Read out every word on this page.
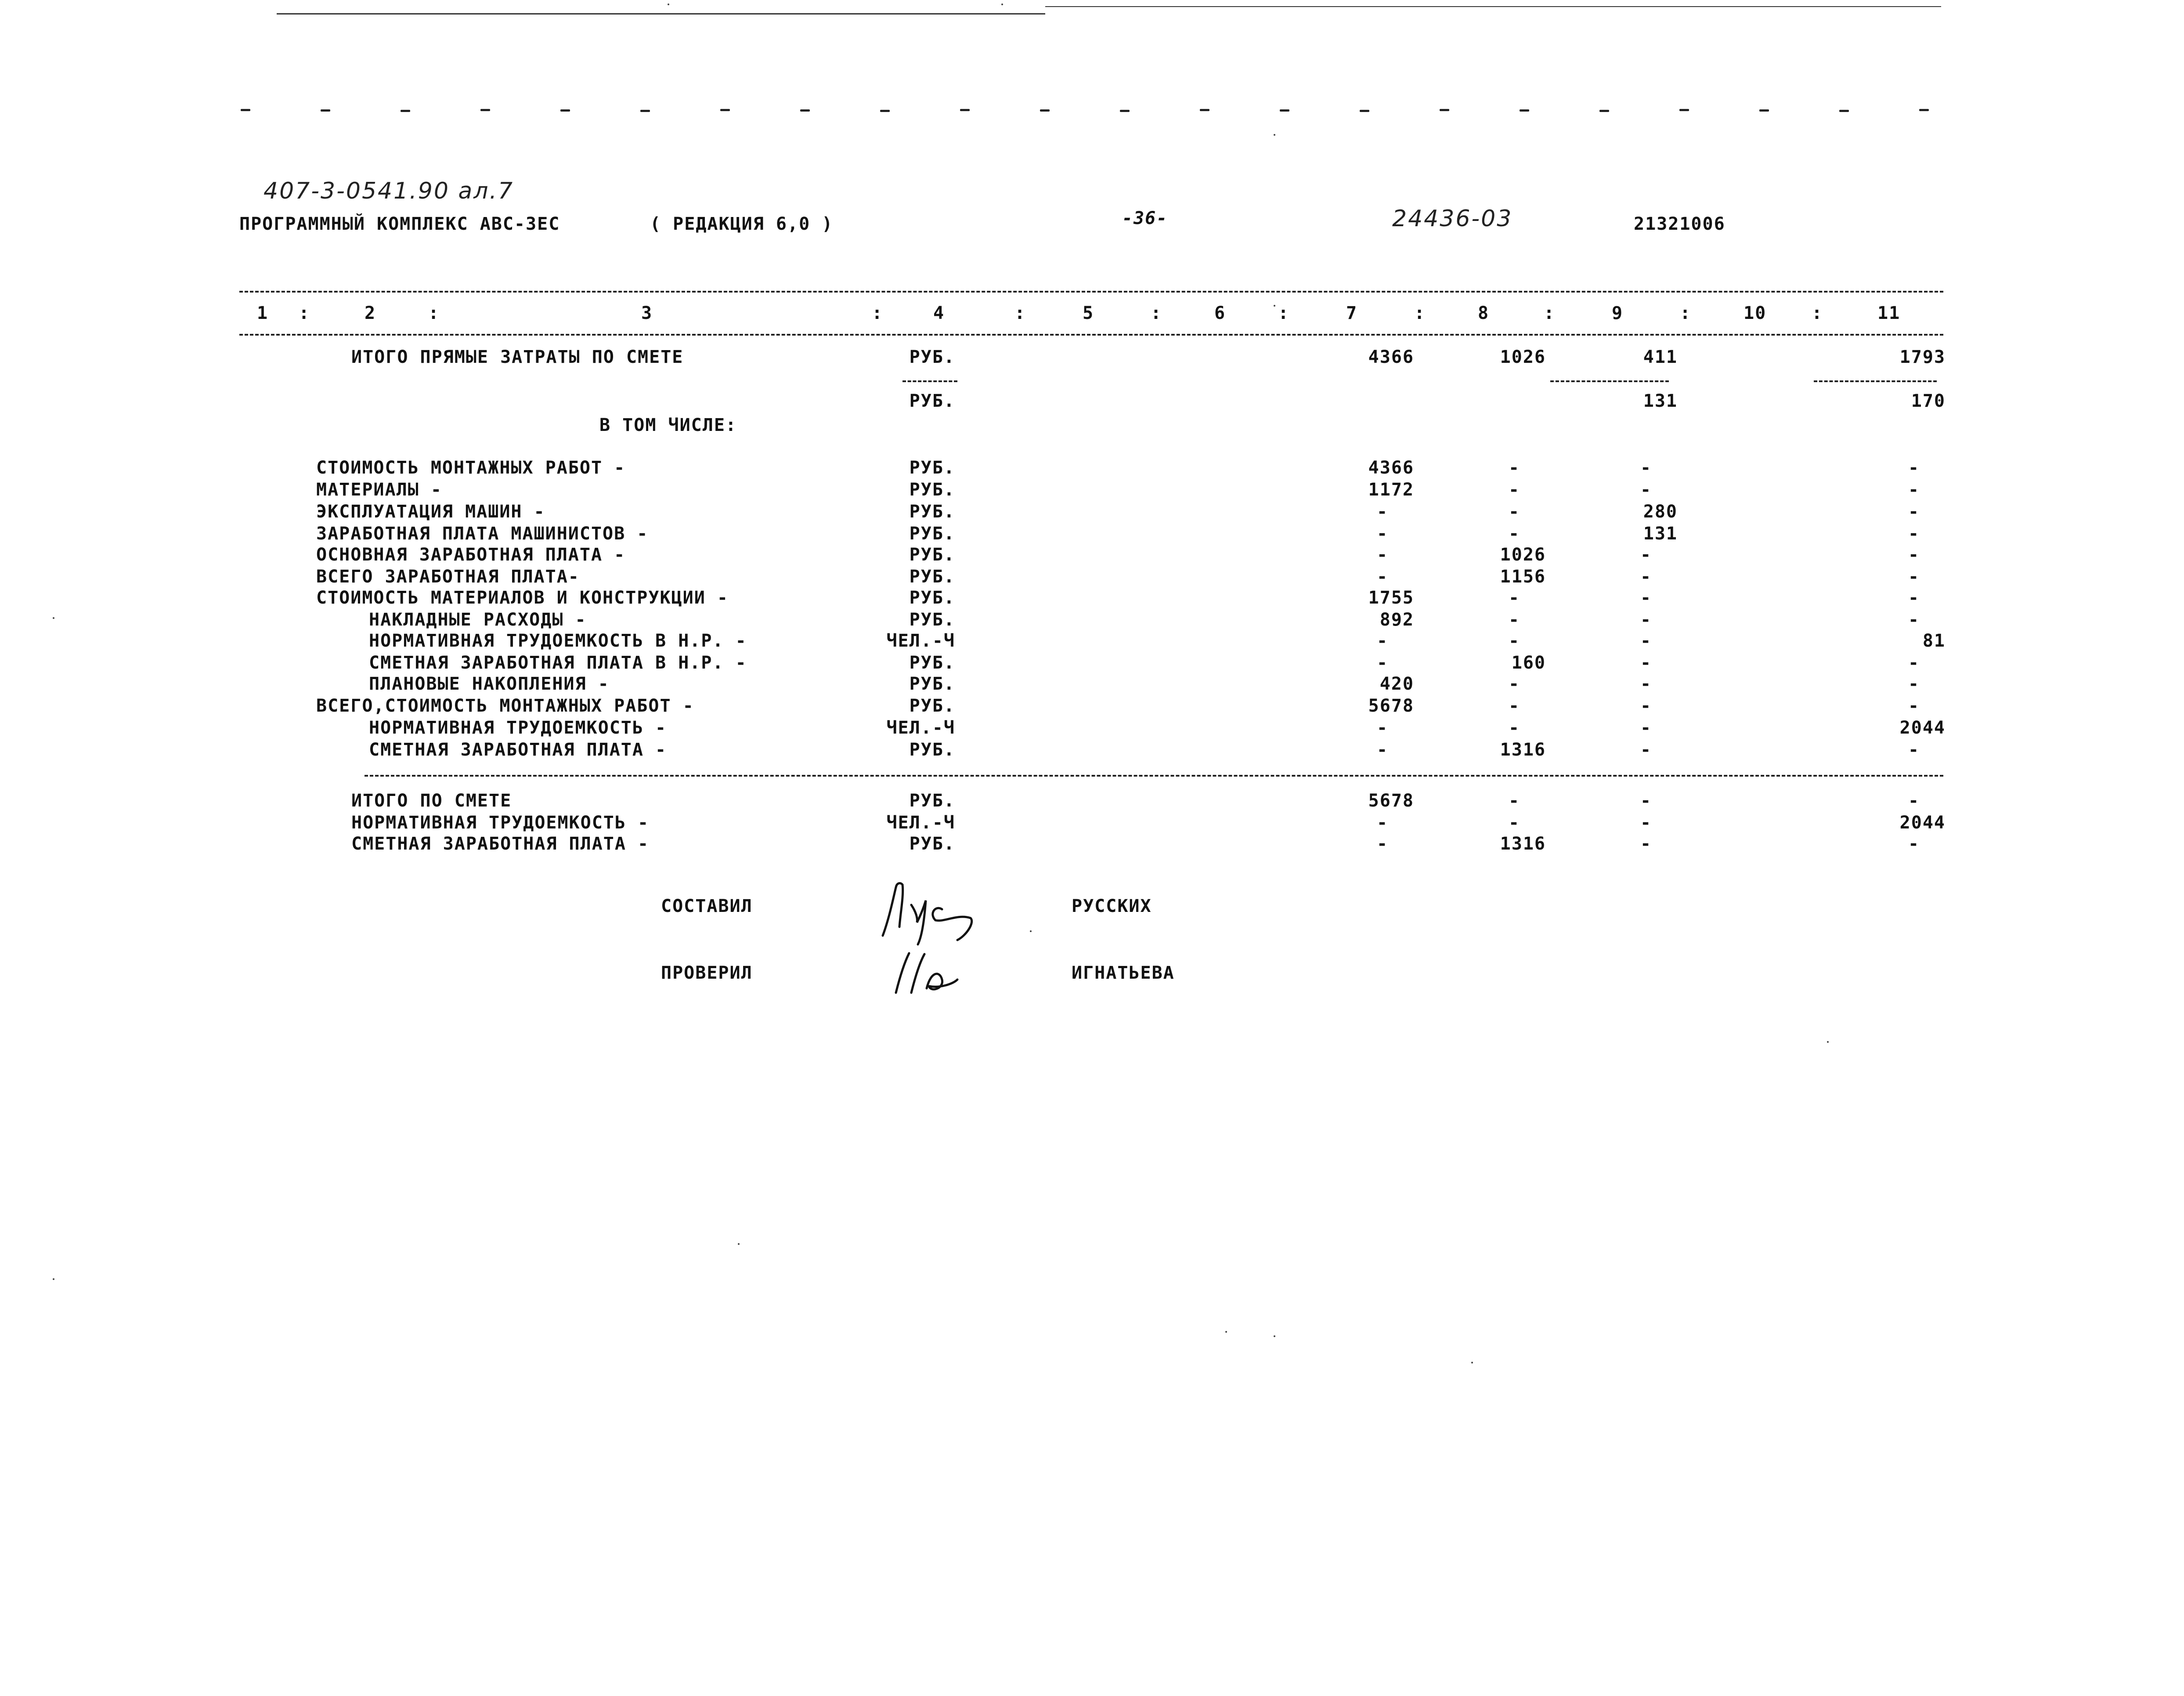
407-3-0541.90 ал.7
ПРОГРАММНЫЙ КОМПЛЕКС АВС-3ЕС	( РЕДАКЦИЯ 6,0 )	-36-	24436-03	21321006
1	2	3	4	5	6	7	8	9	10	11
:	:	:	:	:	:	:	:	:	:
ИТОГО ПРЯМЫЕ ЗАТРАТЫ ПО СМЕТЕ	РУБ.	4366	1026	411	1793
РУБ.	131	170
В ТОМ ЧИСЛЕ:
СТОИМОСТЬ МОНТАЖНЫХ РАБОТ -	РУБ.	4366	-	-	-
МАТЕРИАЛЫ -	РУБ.	1172	-	-	-
ЭКСПЛУАТАЦИЯ МАШИН -	РУБ.	-	-	280	-
ЗАРАБОТНАЯ ПЛАТА МАШИНИСТОВ -	РУБ.	-	-	131	-
ОСНОВНАЯ ЗАРАБОТНАЯ ПЛАТА -	РУБ.	-	1026	-	-
ВСЕГО ЗАРАБОТНАЯ ПЛАТА-	РУБ.	-	1156	-	-
СТОИМОСТЬ МАТЕРИАЛОВ И КОНСТРУКЦИИ -	РУБ.	1755	-	-	-
НАКЛАДНЫЕ РАСХОДЫ -	РУБ.	892	-	-	-
НОРМАТИВНАЯ ТРУДОЕМКОСТЬ В Н.Р. -	ЧЕЛ.-Ч	-	-	-	81
СМЕТНАЯ ЗАРАБОТНАЯ ПЛАТА В Н.Р. -	РУБ.	-	160	-	-
ПЛАНОВЫЕ НАКОПЛЕНИЯ -	РУБ.	420	-	-	-
ВСЕГО,СТОИМОСТЬ МОНТАЖНЫХ РАБОТ -	РУБ.	5678	-	-	-
НОРМАТИВНАЯ ТРУДОЕМКОСТЬ -	ЧЕЛ.-Ч	-	-	-	2044
СМЕТНАЯ ЗАРАБОТНАЯ ПЛАТА -	РУБ.	-	1316	-	-
ИТОГО ПО СМЕТЕ	РУБ.	5678	-	-	-
НОРМАТИВНАЯ ТРУДОЕМКОСТЬ -	ЧЕЛ.-Ч	-	-	-	2044
СМЕТНАЯ ЗАРАБОТНАЯ ПЛАТА -	РУБ.	-	1316	-	-
СОСТАВИЛ	РУССКИХ
ПРОВЕРИЛ	ИГНАТЬЕВА
